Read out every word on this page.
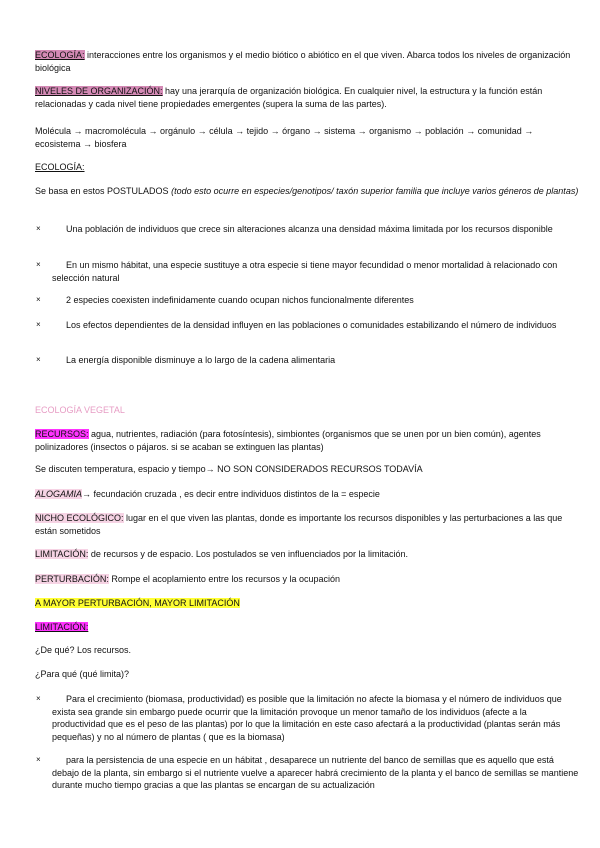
ECOLOGÍA: interacciones entre los organismos y el medio biótico o abiótico en el que viven. Abarca todos los niveles de organización biológica
NIVELES DE ORGANIZACIÓN: hay una jerarquía de organización biológica. En cualquier nivel, la estructura y la función están relacionadas y cada nivel tiene propiedades emergentes (supera la suma de las partes).
Molécula → macromolécula → orgánulo → célula → tejido → órgano → sistema → organismo → población → comunidad → ecosistema → biosfera
ECOLOGÍA:
Se basa en estos POSTULADOS (todo esto ocurre en especies/genotipos/ taxón superior familia que incluye varios géneros de plantas)
×	Una población de individuos que crece sin alteraciones alcanza una densidad máxima limitada por los recursos disponible
×	En un mismo hábitat, una especie sustituye a otra especie si tiene mayor fecundidad o menor mortalidad à relacionado con selección natural
×	2 especies coexisten indefinidamente cuando ocupan nichos funcionalmente diferentes
×	Los efectos dependientes de la densidad influyen en las poblaciones o comunidades estabilizando el número de individuos
×	La energía disponible disminuye a lo largo de la cadena alimentaria
ECOLOGÍA VEGETAL
RECURSOS: agua, nutrientes, radiación (para fotosíntesis), simbiontes (organismos que se unen por un bien común), agentes polinizadores (insectos o pájaros. si se acaban se extinguen las plantas)
Se discuten temperatura, espacio y tiempo→ NO SON CONSIDERADOS RECURSOS TODAVÍA
ALOGAMIA→ fecundación cruzada , es decir entre individuos distintos de la = especie
NICHO ECOLÓGICO: lugar en el que viven las plantas, donde es importante los recursos disponibles y las perturbaciones a las que están sometidos
LIMITACIÓN: de recursos y de espacio. Los postulados se ven influenciados por la limitación.
PERTURBACIÓN: Rompe el acoplamiento entre los recursos y la ocupación
A MAYOR PERTURBACIÓN, MAYOR LIMITACIÓN
LIMITACIÓN:
¿De qué? Los recursos.
¿Para qué (qué limita)?
×	Para el crecimiento (biomasa, productividad) es posible que la limitación no afecte la biomasa y el número de individuos que exista sea grande sin embargo puede ocurrir que la limitación provoque un menor tamaño de los individuos (afecte a la productividad que es el peso de las plantas) por lo que la limitación en este caso afectará a la productividad (plantas serán más pequeñas) y no al número de plantas ( que es la biomasa)
×	para la persistencia de una especie en un hábitat , desaparece un nutriente del banco de semillas que es aquello que está debajo de la planta, sin embargo si el nutriente vuelve a aparecer habrá crecimiento de la planta y el banco de semillas se mantiene durante mucho tiempo gracias a que las plantas se encargan de su actualización
